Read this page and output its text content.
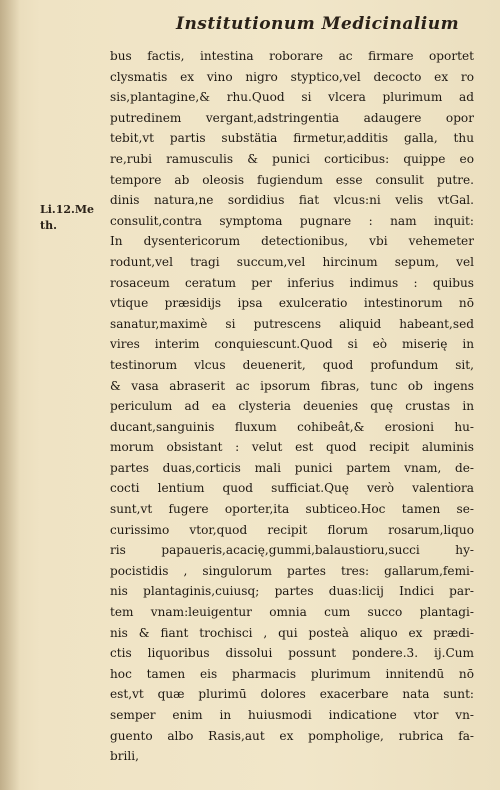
Institutionum Medicinalium
Li.12.Me
th.
bus factis, intestina roborare ac firmare oportet
clysmatis ex vino nigro styptico,vel decocto ex ro
sis,plantagine,& rhu.Quod si vlcera plurimum ad
putredinem vergant,adstringentia adaugere opor
tebit,vt partis substätia firmetur,additis galla, thu
re,rubi ramusculis & punici corticibus: quippe eo
tempore ab oleosis fugiendum esse consulit putre.
dinis natura,ne sordidius fiat vlcus:ni velis vtGal.
consulit,contra symptoma pugnare : nam inquit:
In dysentericorum detectionibus, vbi vehemeter
rodunt,vel tragi succum,vel hircinum sepum, vel
rosaceum ceratum per inferius indimus : quibus
vtique præsidijs ipsa exulceratio intestinorum nō
sanatur,maximè si putrescens aliquid habeant,sed
vires interim conquiescunt.Quod si eò miserię in
testinorum vlcus deuenerit, quod profundum sit,
& vasa abraserit ac ipsorum fibras, tunc ob ingens
periculum ad ea clysteria deuenies quę crustas in
ducant,sanguinis fluxum cohibeât,& erosioni hu-
morum obsistant : velut est quod recipit aluminis
partes duas,corticis mali punici partem vnam, de-
cocti lentium quod sufficiat.Quę verò valentiora
sunt,vt fugere oporter,ita subticeo.Hoc tamen se-
curissimo vtor,quod recipit florum rosarum,liquo
ris papaueris,acacię,gummi,balaustioru,succi hy-
pocistidis , singulorum partes tres: gallarum,femi-
nis plantaginis,cuiusq; partes duas:licij Indici par-
tem vnam:leuigentur omnia cum succo plantagi-
nis & fiant trochisci , qui posteà aliquo ex prædi-
ctis liquoribus dissolui possunt pondere.3. ij.Cum
hoc tamen eis pharmacis plurimum innitendū nō
est,vt quæ plurimū dolores exacerbare nata sunt:
semper enim in huiusmodi indicatione vtor vn-
guento albo Rasis,aut ex pompholige, rubrica fa-
brili,
